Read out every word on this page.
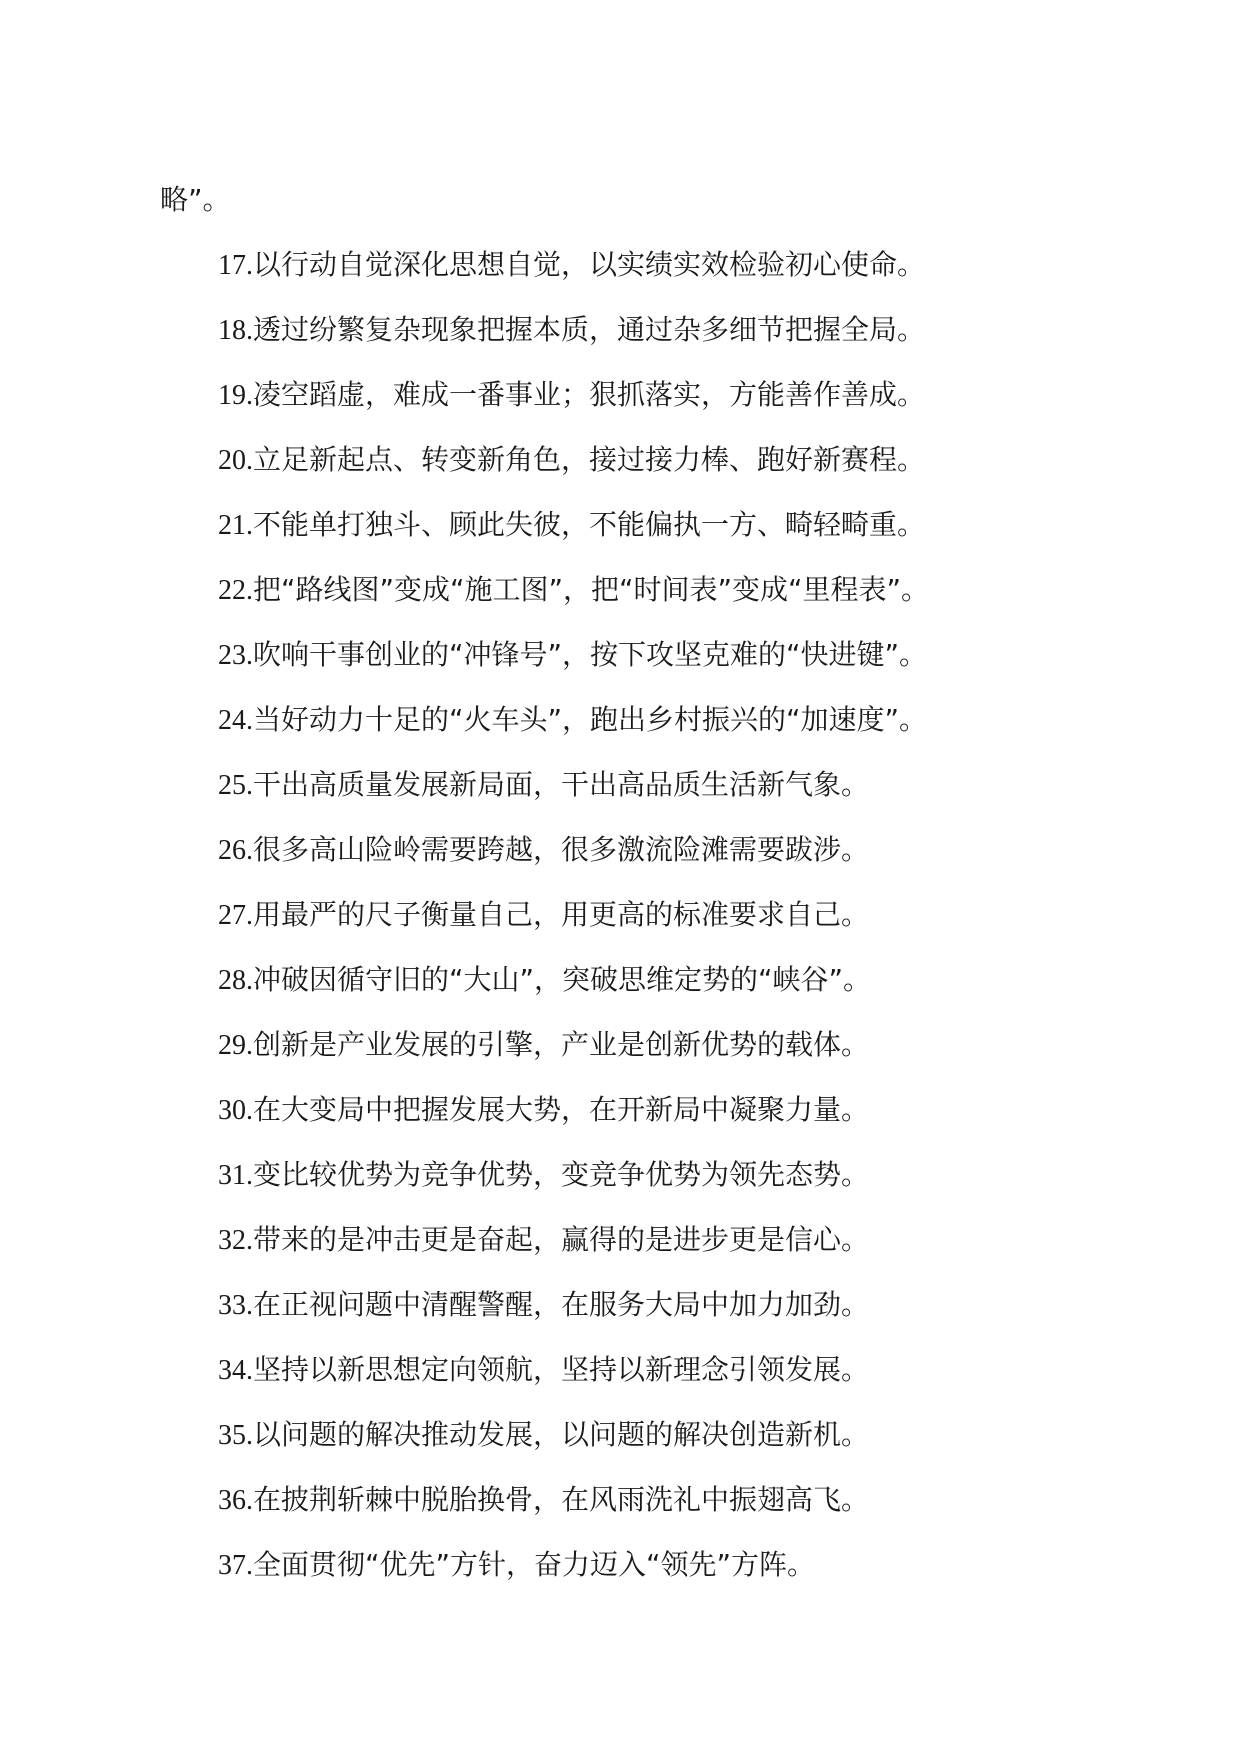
略”。
17.以行动自觉深化思想自觉，以实绩实效检验初心使命。
18.透过纷繁复杂现象把握本质，通过杂多细节把握全局。
19.凌空蹈虚，难成一番事业；狠抓落实，方能善作善成。
20.立足新起点、转变新角色，接过接力棒、跑好新赛程。
21.不能单打独斗、顾此失彼，不能偏执一方、畸轻畸重。
22.把“路线图”变成“施工图”，把“时间表”变成“里程表”。
23.吹响干事创业的“冲锋号”，按下攻坚克难的“快进键”。
24.当好动力十足的“火车头”，跑出乡村振兴的“加速度”。
25.干出高质量发展新局面，干出高品质生活新气象。
26.很多高山险岭需要跨越，很多激流险滩需要跋涉。
27.用最严的尺子衡量自己，用更高的标准要求自己。
28.冲破因循守旧的“大山”，突破思维定势的“峡谷”。
29.创新是产业发展的引擎，产业是创新优势的载体。
30.在大变局中把握发展大势，在开新局中凝聚力量。
31.变比较优势为竞争优势，变竞争优势为领先态势。
32.带来的是冲击更是奋起，赢得的是进步更是信心。
33.在正视问题中清醒警醒，在服务大局中加力加劲。
34.坚持以新思想定向领航，坚持以新理念引领发展。
35.以问题的解决推动发展，以问题的解决创造新机。
36.在披荆斩棘中脱胎换骨，在风雨洗礼中振翅高飞。
37.全面贯彻“优先”方针，奋力迈入“领先”方阵。
